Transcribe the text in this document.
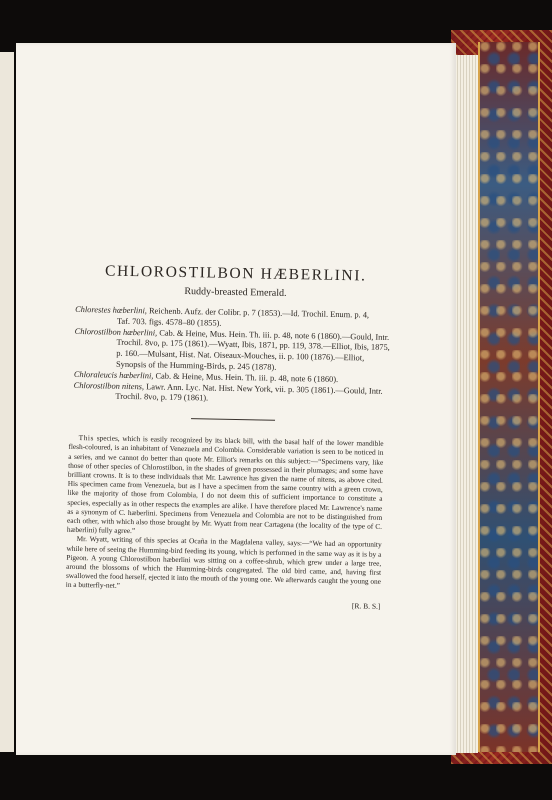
CHLOROSTILBON HÆBERLINI.
Ruddy-breasted Emerald.
Chlorestes hæberlini, Reichenb. Aufz. der Colibr. p. 7 (1853).—Id. Trochil. Enum. p. 4,
Taf. 703. figs. 4578–80 (1855).
Chlorostilbon hæberlini, Cab. & Heine, Mus. Hein. Th. iii. p. 48, note 6 (1860).—Gould, Intr.
Trochil. 8vo, p. 175 (1861).—Wyatt, Ibis, 1871, pp. 119, 378.—Elliot, Ibis, 1875, p. 160.—Mulsant, Hist. Nat. Oiseaux-Mouches, ii. p. 100 (1876).—Elliot, Synopsis of the Humming-Birds, p. 245 (1878).
Chloraleucis hæberlini, Cab. & Heine, Mus. Hein. Th. iii. p. 48, note 6 (1860).
Chlorostilbon nitens, Lawr. Ann. Lyc. Nat. Hist. New York, vii. p. 305 (1861).—Gould, Intr.
Trochil. 8vo, p. 179 (1861).

This species, which is easily recognized by its black bill, with the basal half of the lower mandible flesh-coloured, is an inhabitant of Venezuela and Colombia. Considerable variation is seen to be noticed in a series, and we cannot do better than quote Mr. Elliot's remarks on this subject:—“Specimens vary, like those of other species of Chlorostilbon, in the shades of green possessed in their plumages; and some have brilliant crowns. It is to these individuals that Mr. Lawrence has given the name of nitens, as above cited. His specimen came from Venezuela, but as I have a specimen from the same country with a green crown, like the majority of those from Colombia, I do not deem this of sufficient importance to constitute a species, especially as in other respects the examples are alike. I have therefore placed Mr. Lawrence's name as a synonym of C. hæberlini. Specimens from Venezuela and Colombia are not to be distinguished from each other, with which also those brought by Mr. Wyatt from near Cartagena (the locality of the type of C. hæberlini) fully agree.”

Mr. Wyatt, writing of this species at Ocaña in the Magdalena valley, says:—“We had an opportunity while here of seeing the Humming-bird feeding its young, which is performed in the same way as it is by a Pigeon. A young Chlorostilbon hæberlini was sitting on a coffee-shrub, which grew under a large tree, around the blossoms of which the Humming-birds congregated. The old bird came, and, having first swallowed the food herself, ejected it into the mouth of the young one. We afterwards caught the young one in a butterfly-net.”

[R. B. S.]
